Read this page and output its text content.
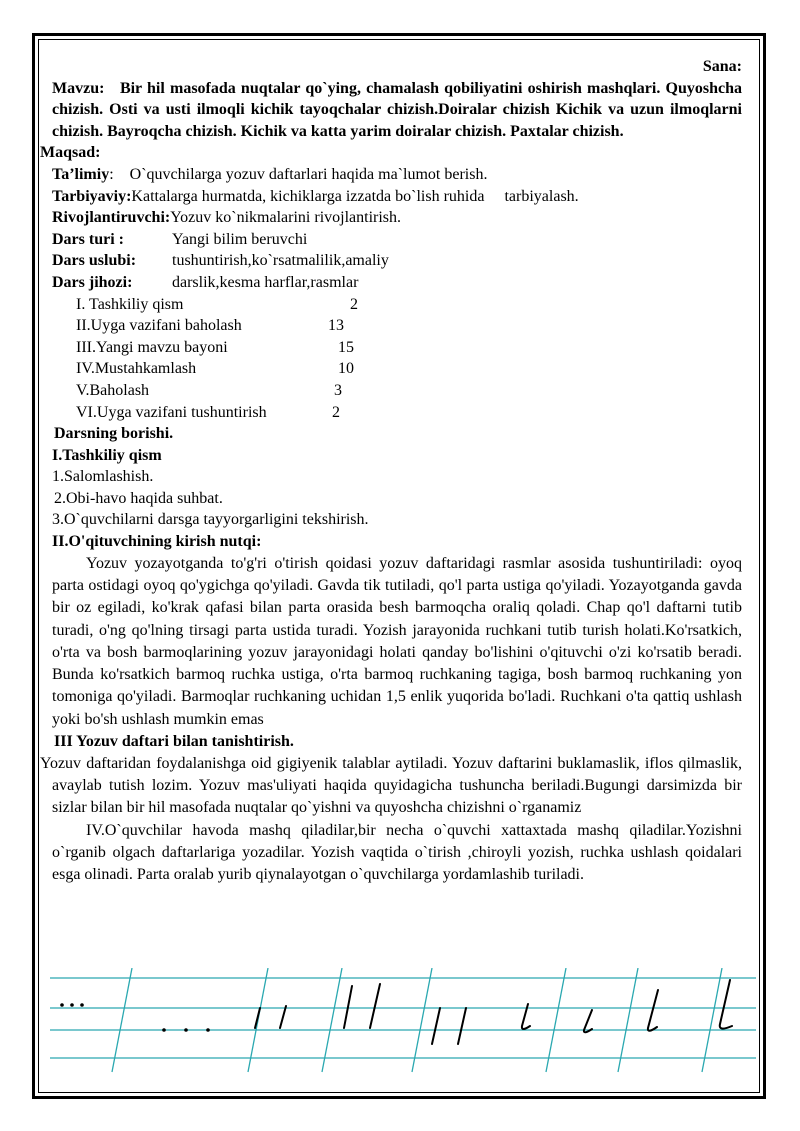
Sana:
Mavzu: Bir hil masofada nuqtalar qo`ying, chamalash qobiliyatini oshirish mashqlari. Quyoshcha chizish. Osti va usti ilmoqli kichik tayoqchalar chizish.Doiralar chizish Kichik va uzun ilmoqlarni chizish. Bayroqcha chizish. Kichik va katta yarim doiralar chizish. Paxtalar chizish.
Maqsad:
Ta’limiy:    O`quvchilarga yozuv daftarlari haqida ma`lumot berish.
Tarbiyaviy:Kattalarga hurmatda, kichiklarga izzatda bo`lish ruhida tarbiyalash.
Rivojlantiruvchi:Yozuv ko`nikmalarini rivojlantirish.
Dars turi :	Yangi bilim beruvchi
Dars uslubi: tushuntirish,ko`rsatmalilik,amaliy
Dars jihozi: darslik,kesma harflar,rasmlar
I. Tashkiliy qism	2
II.Uyga vazifani baholash	13
III.Yangi mavzu bayoni	15
IV.Mustahkamlash	10
V.Baholash	3
VI.Uyga vazifani tushuntirish	2
Darsning borishi.
I.Tashkiliy qism
1.Salomlashish.
2.Obi-havo haqida suhbat.
3.O`quvchilarni darsga tayyorgarligini tekshirish.
II.O'qituvchining kirish nutqi:
Yozuv yozayotganda to'g'ri o'tirish qoidasi yozuv daftaridagi rasmlar asosida tushuntiriladi: oyoq parta ostidagi oyoq qo'ygichga qo'yiladi. Gavda tik tutiladi, qo'l parta ustiga qo'yiladi. Yozayotganda gavda bir oz egiladi, ko'krak qafasi bilan parta orasida besh barmoqcha oraliq qoladi. Chap qo'l daftarni tutib turadi, o'ng qo'lning tirsagi parta ustida turadi. Yozish jarayonida ruchkani tutib turish holati.Ko'rsatkich, o'rta va bosh barmoqlarining yozuv jarayonidagi holati qanday bo'lishini o'qituvchi o'zi ko'rsatib beradi. Bunda ko'rsatkich barmoq ruchka ustiga, o'rta barmoq ruchkaning tagiga, bosh barmoq ruchkaning yon tomoniga qo'yiladi. Barmoqlar ruchkaning uchidan 1,5 enlik yuqorida bo'ladi. Ruchkani o'ta qattiq ushlash yoki bo'sh ushlash mumkin emas
III Yozuv daftari bilan tanishtirish.
Yozuv daftaridan foydalanishga oid gigiyenik talablar aytiladi. Yozuv daftarini buklamaslik, iflos qilmaslik, avaylab tutish lozim. Yozuv mas'uliyati haqida quyidagicha tushuncha beriladi.Bugungi darsimizda bir sizlar bilan bir hil masofada nuqtalar qo`yishni va quyoshcha chizishni o`rganamiz
IV.O`quvchilar havoda mashq qiladilar,bir necha o`quvchi xattaxtada mashq qiladilar.Yozishni o`rganib olgach daftarlariga yozadilar. Yozish vaqtida o`tirish ,chiroyli yozish, ruchka ushlash qoidalari esga olinadi. Parta oralab yurib qiynalayotgan o`quvchilarga yordamlashib turiladi.
